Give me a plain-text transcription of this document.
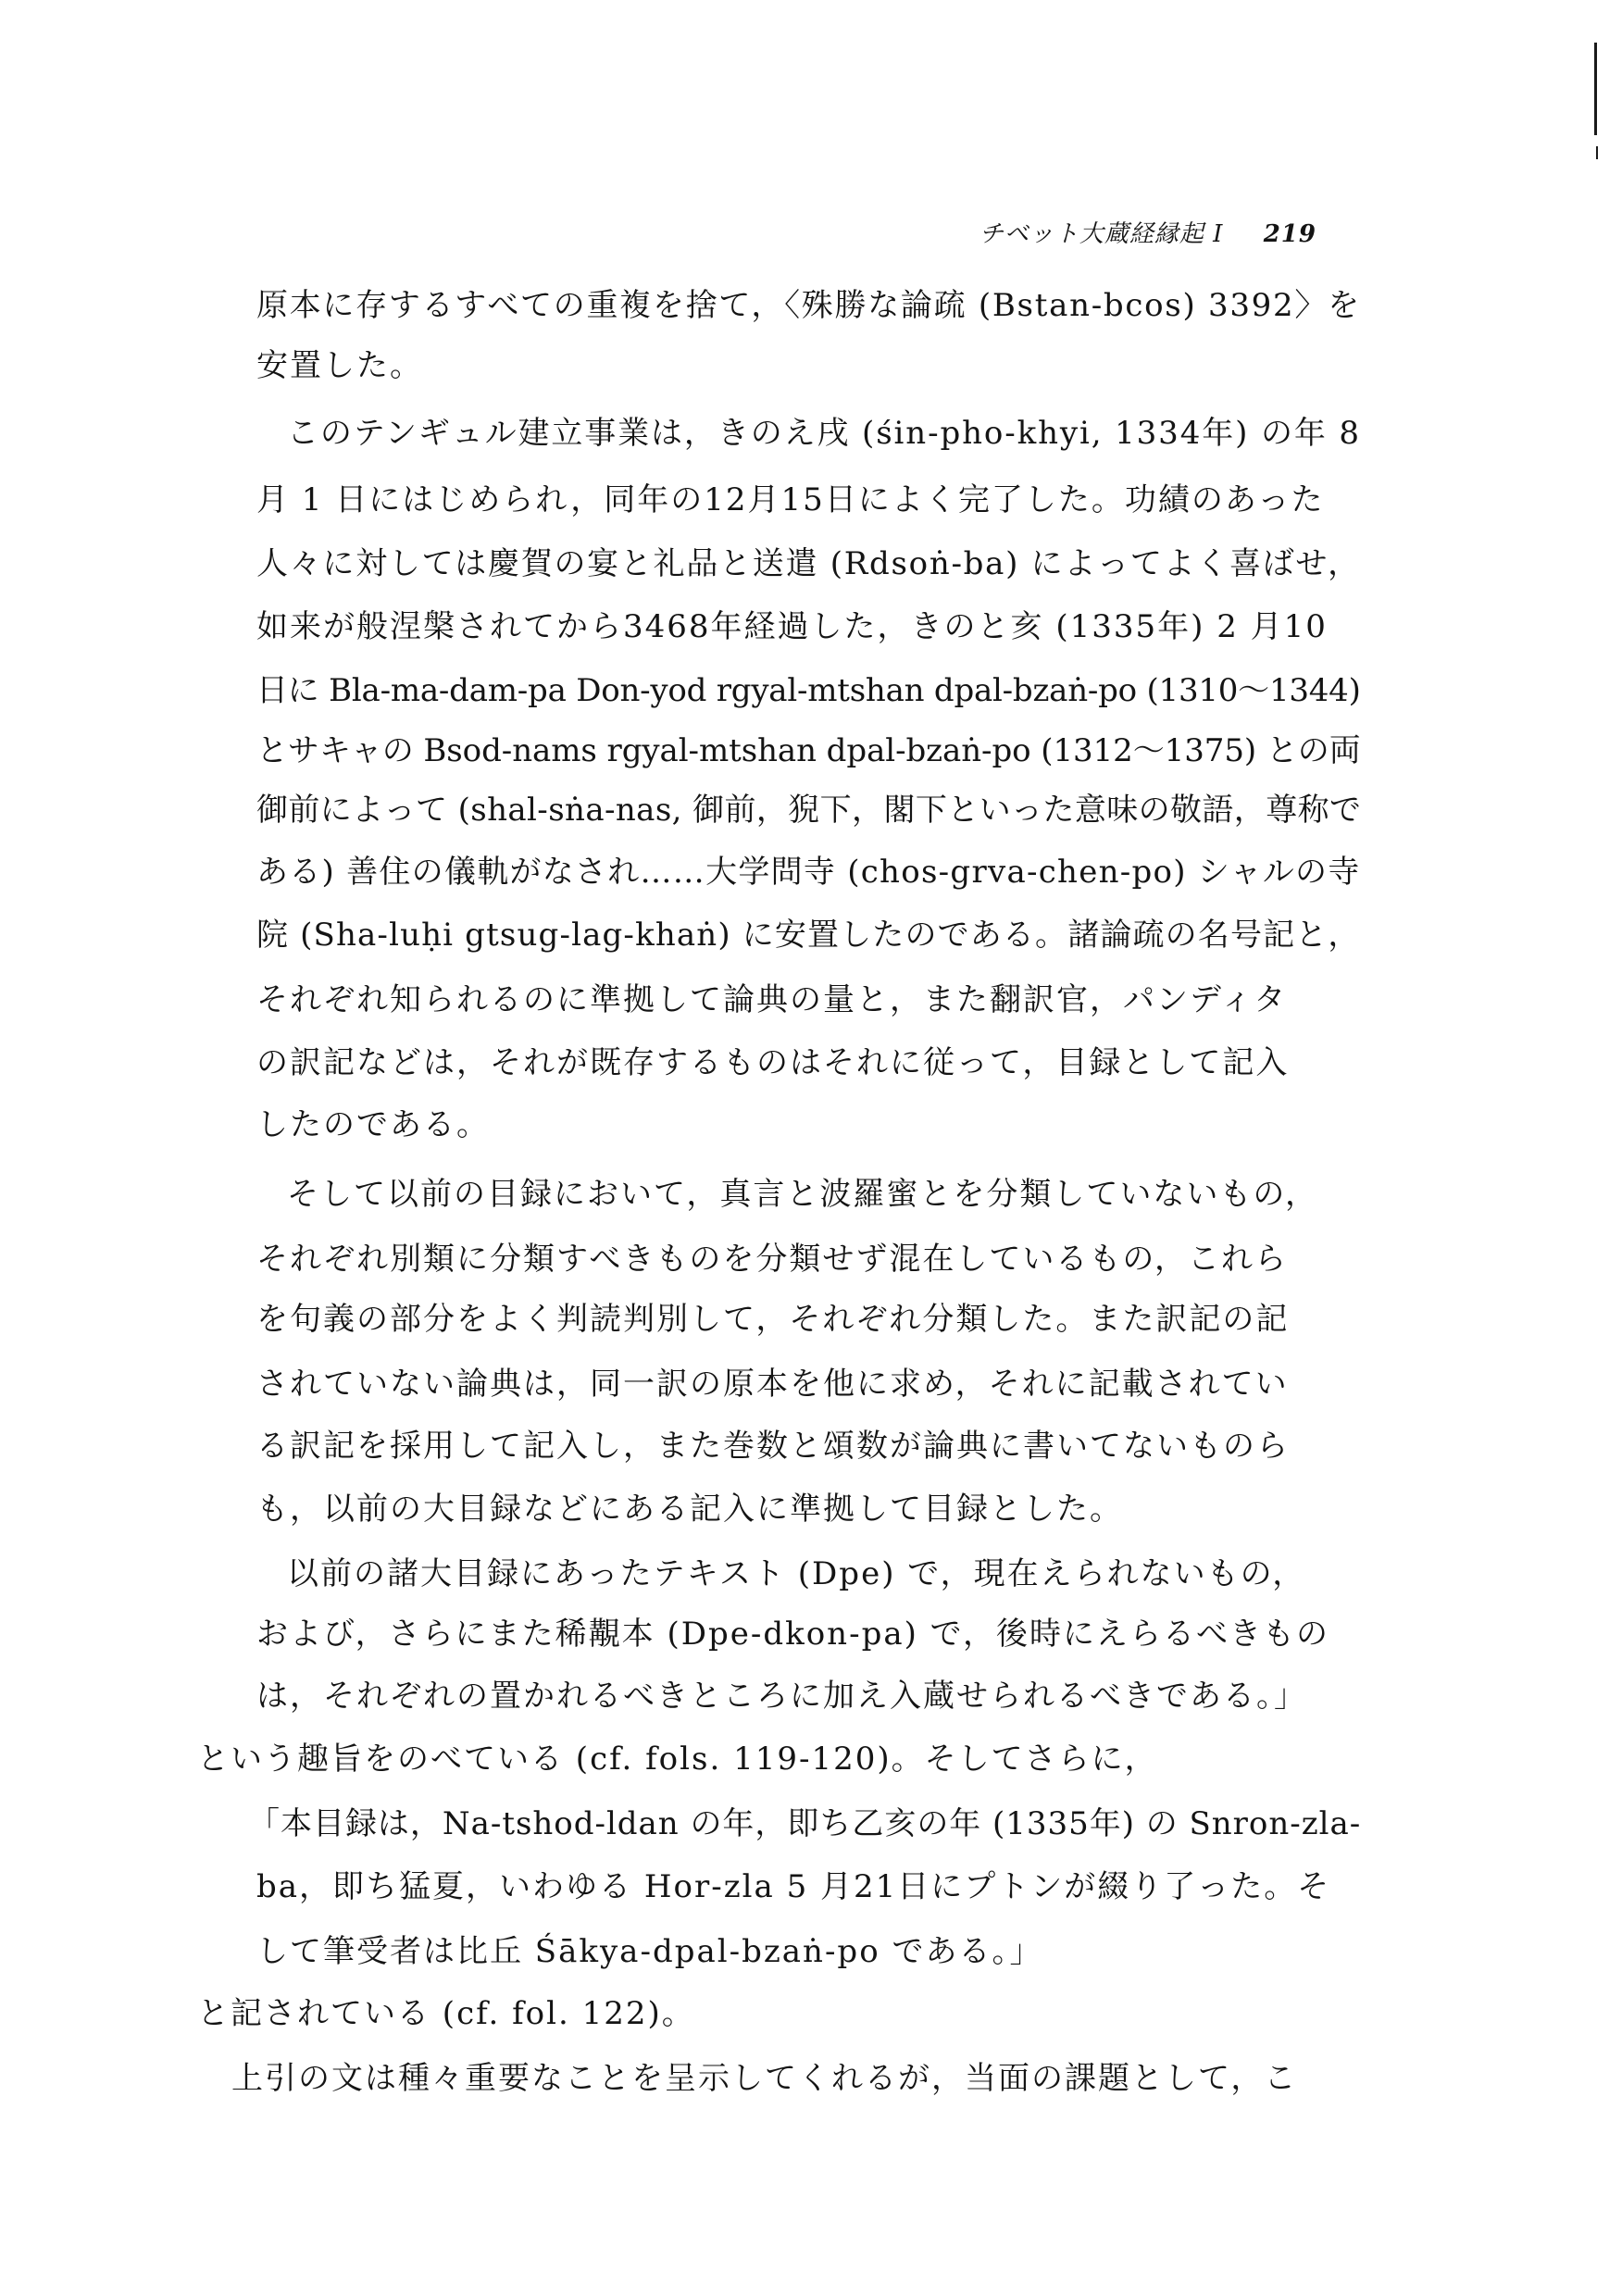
チベット大蔵経縁起 I 219
原本に存するすべての重複を捨て，〈殊勝な論疏 (Bstan-bcos) 3392〉を
安置した。
このテンギュル建立事業は，きのえ戌 (śin-pho-khyi, 1334年) の年 8
月 1 日にはじめられ，同年の12月15日によく完了した。功績のあった
人々に対しては慶賀の宴と礼品と送遣 (Rdsoṅ-ba) によってよく喜ばせ，
如来が般涅槃されてから3468年経過した，きのと亥 (1335年) 2 月10
日に Bla-ma-dam-pa Don-yod rgyal-mtshan dpal-bzaṅ-po (1310〜1344)
とサキャの Bsod-nams rgyal-mtshan dpal-bzaṅ-po (1312〜1375) との両
御前によって (shal-sṅa-nas, 御前，猊下，閣下といった意味の敬語，尊称で
ある) 善住の儀軌がなされ……大学問寺 (chos-grva-chen-po) シャルの寺
院 (Sha-luḥi gtsug-lag-khaṅ) に安置したのである。諸論疏の名号記と，
それぞれ知られるのに準拠して論典の量と，また翻訳官，パンディタ
の訳記などは，それが既存するものはそれに従って，目録として記入
したのである。
そして以前の目録において，真言と波羅蜜とを分類していないもの，
それぞれ別類に分類すべきものを分類せず混在しているもの，これら
を句義の部分をよく判読判別して，それぞれ分類した。また訳記の記
されていない論典は，同一訳の原本を他に求め，それに記載されてい
る訳記を採用して記入し，また巻数と頌数が論典に書いてないものら
も，以前の大目録などにある記入に準拠して目録とした。
以前の諸大目録にあったテキスト (Dpe) で，現在えられないもの，
および，さらにまた稀覯本 (Dpe-dkon-pa) で，後時にえらるべきもの
は，それぞれの置かれるべきところに加え入蔵せられるべきである。」
という趣旨をのべている (cf. fols. 119-120)。そしてさらに，
「本目録は，Na-tshod-ldan の年，即ち乙亥の年 (1335年) の Snron-zla-
ba，即ち猛夏，いわゆる Hor-zla 5 月21日にプトンが綴り了った。そ
して筆受者は比丘 Śākya-dpal-bzaṅ-po である。」
と記されている (cf. fol. 122)。
上引の文は種々重要なことを呈示してくれるが，当面の課題として，こ
